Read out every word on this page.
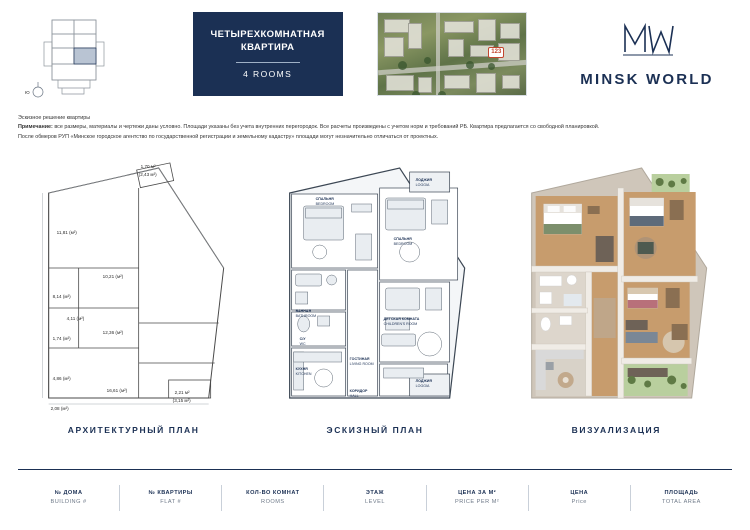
Ю
ЧЕТЫРЕХКОМНАТНАЯ
КВАРТИРА
4 ROOMS
123
MINSK WORLD
Эскизное решение квартиры
Примечание: все размеры, материалы и чертежи даны условно. Площади указаны без учета внутренних перегородок. Все расчеты произведены с учетом норм и требований РБ. Квартира предлагается со свободной планировкой.
После обмеров РУП «Минское городское агентство по государственной регистрации и земельному кадастру» площади могут незначительно отличаться от проектных.
11,81 (м²)
10,21 (м²)
8,14 (м²)
4,11 (м²)
12,36 (м²)
1,74 (м²)
4,86 (м²)
16,61 (м²)
2,08 (м²)
1,70 м²
(2,43 м²)
2,21 м²
(3,15 м²)
АРХИТЕКТУРНЫЙ ПЛАН
СПАЛЬНЯ
BEDROOM
ЛОДЖИЯ
LOGGIA
СПАЛЬНЯ
BEDROOM
ВАННАЯ
BATHROOM
ДЕТСКАЯ КОМНАТА
CHILDREN'S ROOM
С/У
WC
КУХНЯ
KITCHEN
ГОСТИНАЯ
LIVING ROOM
ЛОДЖИЯ
LOGGIA
КОРИДОР
HALL
ЭСКИЗНЫЙ ПЛАН	ВИЗУАЛИЗАЦИЯ
№ ДОМА
BUILDING #
№ КВАРТИРЫ
FLAT #
КОЛ-ВО КОМНАТ
ROOMS
ЭТАЖ
LEVEL
ЦЕНА ЗА М²
PRICE PER М²
ЦЕНА
Price
ПЛОЩАДЬ
TOTAL AREA
